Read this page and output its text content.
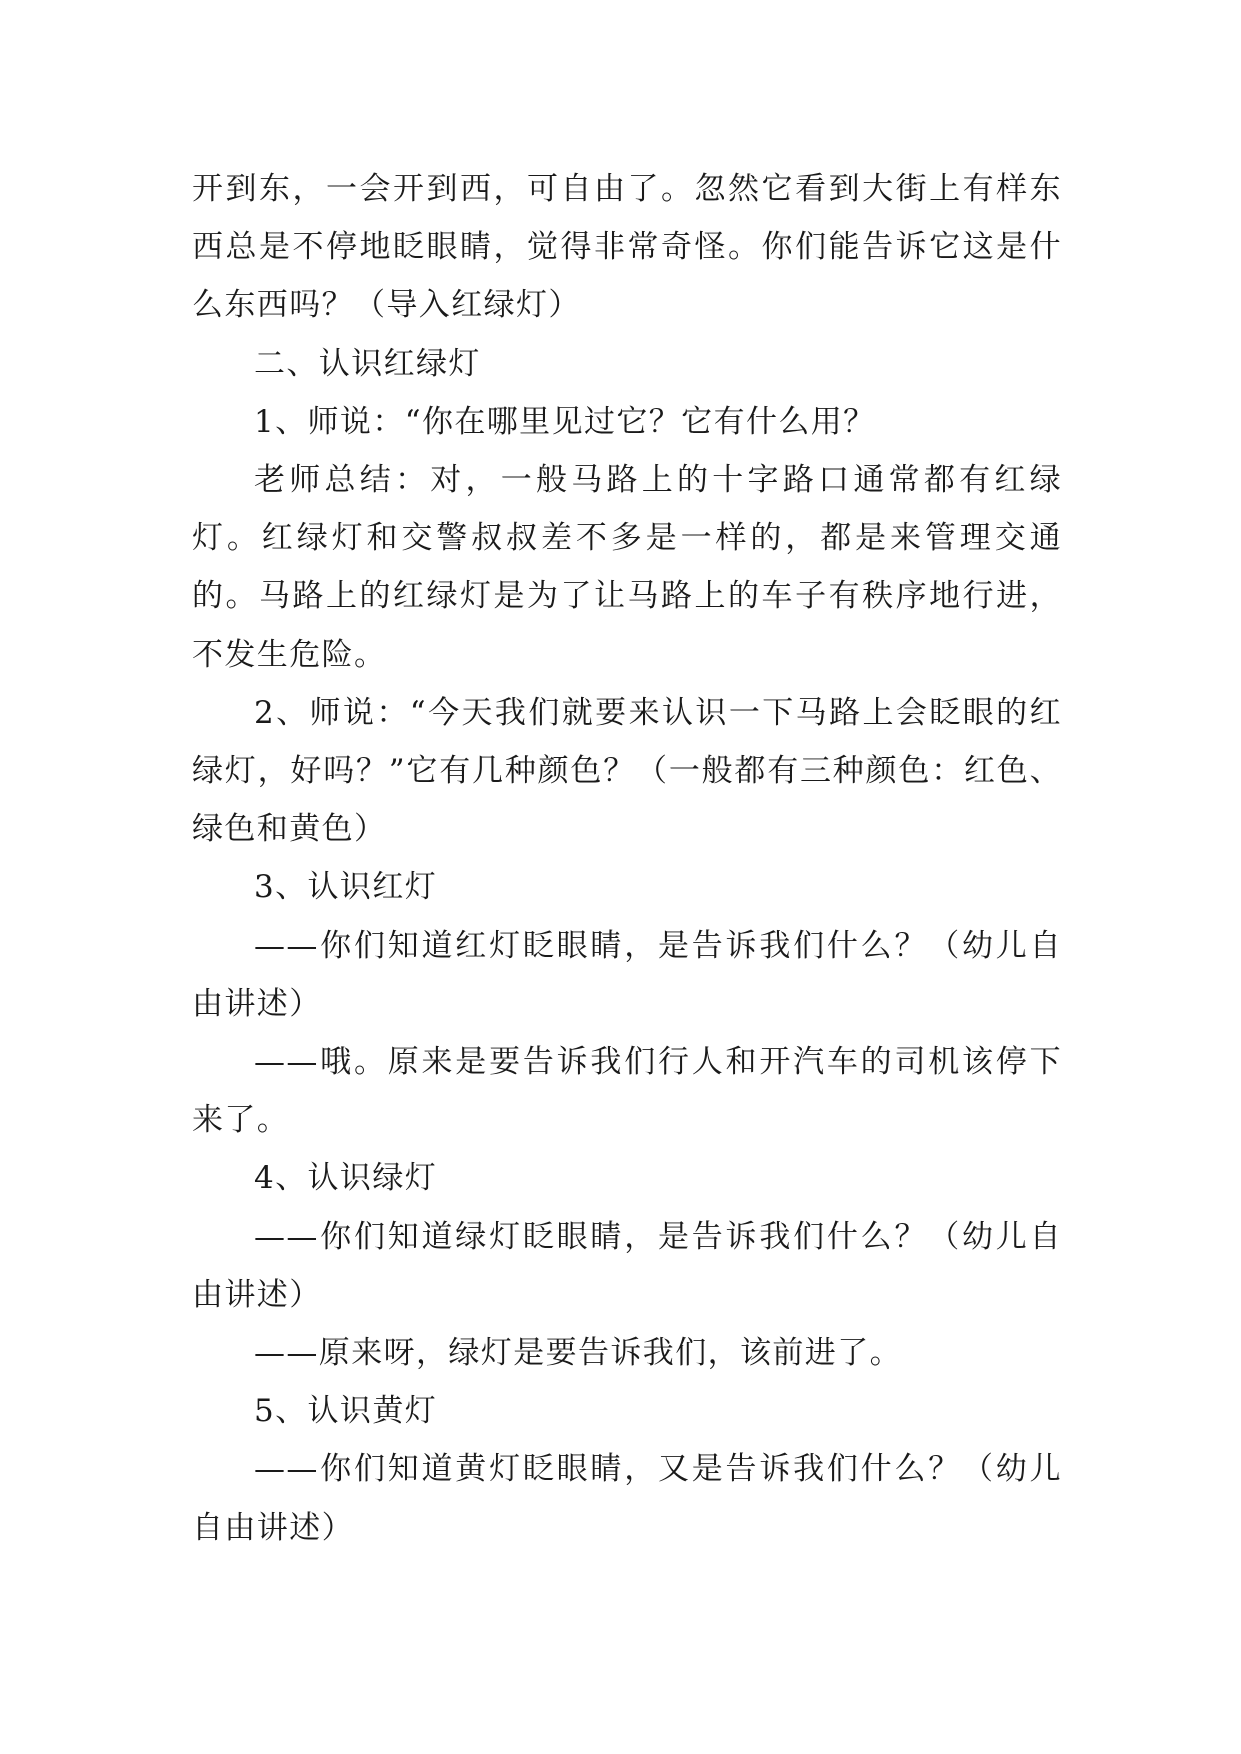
开到东，一会开到西，可自由了。忽然它看到大街上有样东西总是不停地眨眼睛，觉得非常奇怪。你们能告诉它这是什么东西吗？（导入红绿灯）

二、认识红绿灯

1、师说：“你在哪里见过它？它有什么用？

老师总结：对，一般马路上的十字路口通常都有红绿灯。红绿灯和交警叔叔差不多是一样的，都是来管理交通的。马路上的红绿灯是为了让马路上的车子有秩序地行进，不发生危险。

2、师说：“今天我们就要来认识一下马路上会眨眼的红绿灯，好吗？”它有几种颜色？（一般都有三种颜色：红色、绿色和黄色）

3、认识红灯

——你们知道红灯眨眼睛，是告诉我们什么？（幼儿自由讲述）

——哦。原来是要告诉我们行人和开汽车的司机该停下来了。

4、认识绿灯

——你们知道绿灯眨眼睛，是告诉我们什么？（幼儿自由讲述）

——原来呀，绿灯是要告诉我们，该前进了。

5、认识黄灯

——你们知道黄灯眨眼睛，又是告诉我们什么？（幼儿自由讲述）
